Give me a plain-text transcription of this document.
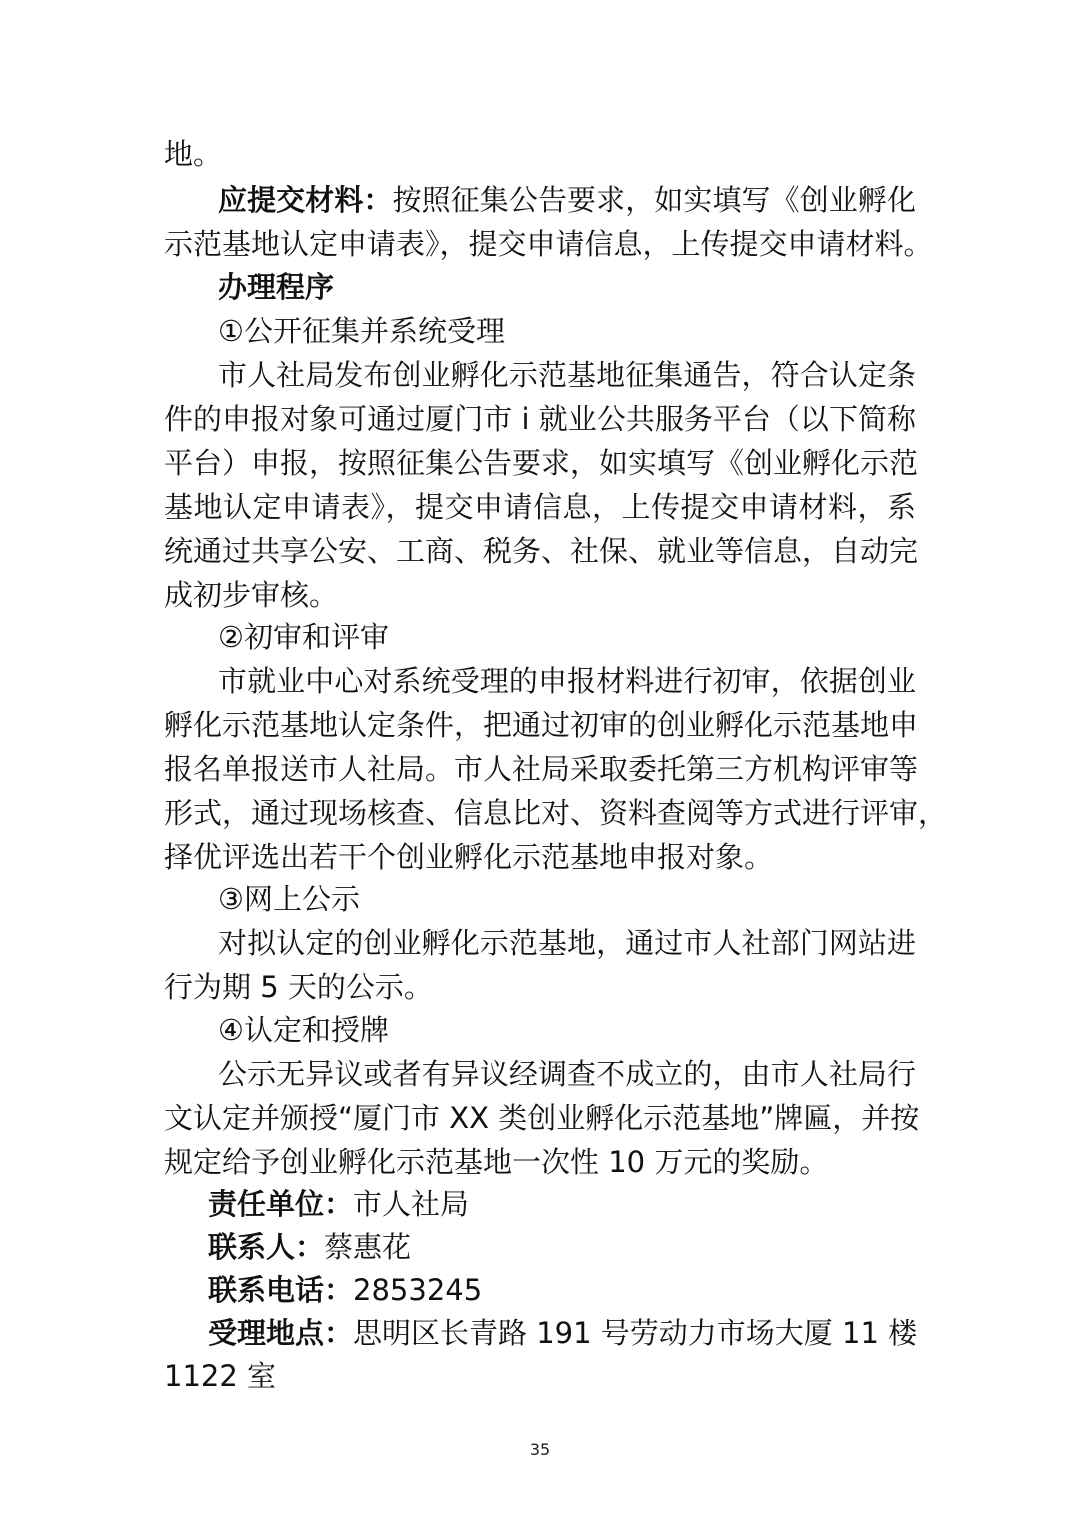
地。
应提交材料：按照征集公告要求，如实填写《创业孵化
示范基地认定申请表》，提交申请信息，上传提交申请材料。
办理程序
①公开征集并系统受理
市人社局发布创业孵化示范基地征集通告，符合认定条
件的申报对象可通过厦门市 i 就业公共服务平台（以下简称
平台）申报，按照征集公告要求，如实填写《创业孵化示范
基地认定申请表》，提交申请信息，上传提交申请材料，系
统通过共享公安、工商、税务、社保、就业等信息，自动完
成初步审核。
②初审和评审
市就业中心对系统受理的申报材料进行初审，依据创业
孵化示范基地认定条件，把通过初审的创业孵化示范基地申
报名单报送市人社局。市人社局采取委托第三方机构评审等
形式，通过现场核查、信息比对、资料查阅等方式进行评审，
择优评选出若干个创业孵化示范基地申报对象。
③网上公示
对拟认定的创业孵化示范基地，通过市人社部门网站进
行为期 5 天的公示。
④认定和授牌
公示无异议或者有异议经调查不成立的，由市人社局行
文认定并颁授“厦门市 XX 类创业孵化示范基地”牌匾，并按
规定给予创业孵化示范基地一次性 10 万元的奖励。
责任单位：市人社局
联系人：蔡惠花
联系电话：2853245
受理地点：思明区长青路 191 号劳动力市场大厦 11 楼
1122 室
35
